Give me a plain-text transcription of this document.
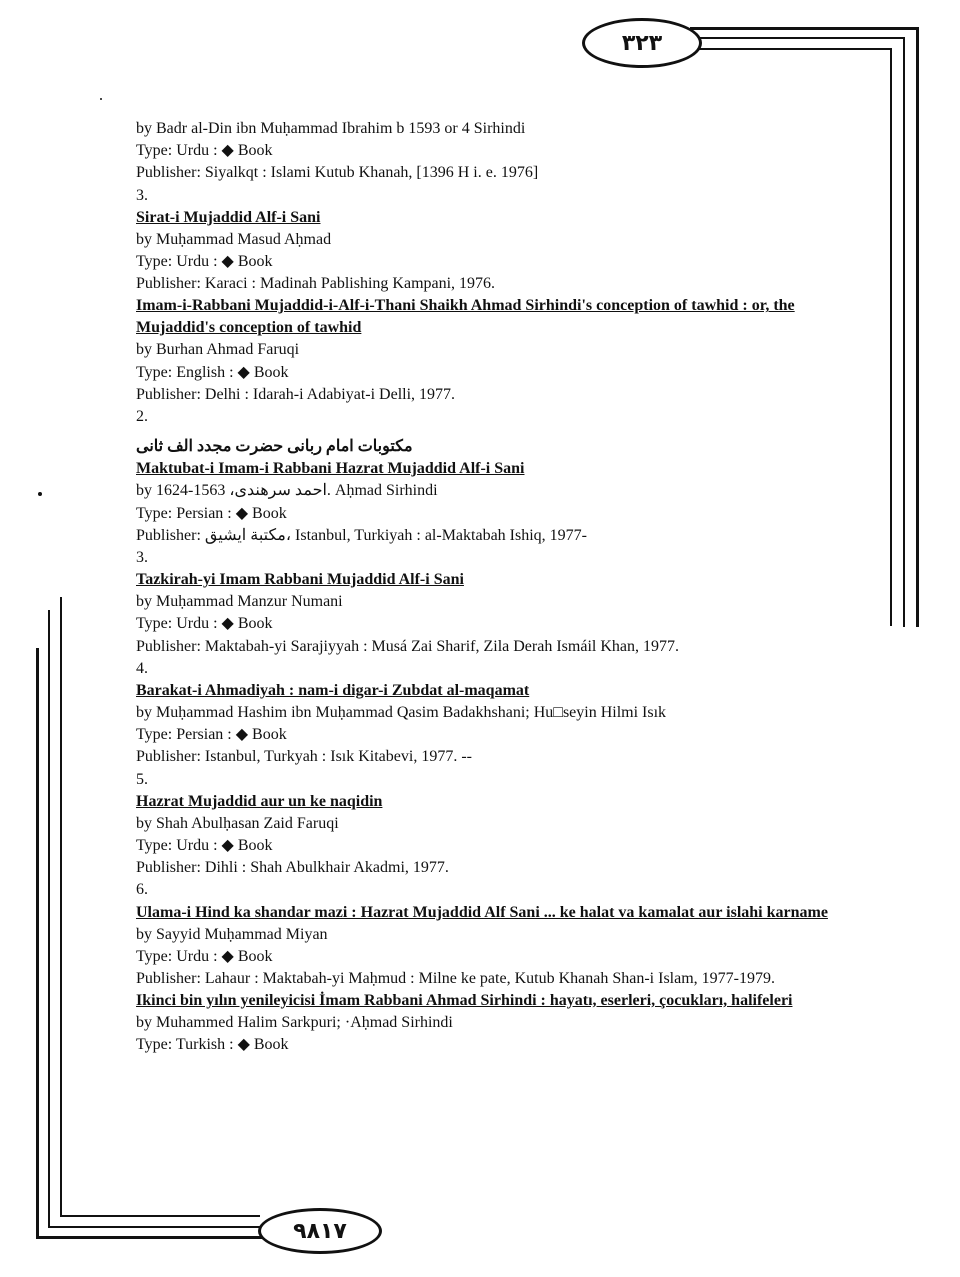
۳۲۳
۹۸۱۷
by Badr al-Din ibn Muḥammad Ibrahim b 1593 or 4 Sirhindi
Type: Urdu : ◆ Book
Publisher: Siyalkqt : Islami Kutub Khanah, [1396 H i. e. 1976]
3.
Sirat-i Mujaddid Alf-i Sani
by Muḥammad Masud Aḥmad
Type: Urdu : ◆ Book
Publisher: Karaci : Madinah Pablishing Kampani, 1976.
Imam-i-Rabbani Mujaddid-i-Alf-i-Thani Shaikh Ahmad Sirhindi's conception of tawhid : or, the Mujaddid's conception of tawhid
by Burhan Ahmad Faruqi
Type: English : ◆ Book
Publisher: Delhi : Idarah-i Adabiyat-i Delli, 1977.
2.
مکتوبات امام ربانی حضرت مجدد الف ثانی
Maktubat-i Imam-i Rabbani Hazrat Mujaddid Alf-i Sani
by احمد سرهندی، 1563-1624. Aḥmad Sirhindi
Type: Persian : ◆ Book
Publisher: مكتبة ايشيق، Istanbul, Turkiyah : al-Maktabah Ishiq, 1977-
3.
Tazkirah-yi Imam Rabbani Mujaddid Alf-i Sani
by Muḥammad Manzur Numani
Type: Urdu : ◆ Book
Publisher: Maktabah-yi Sarajiyyah : Musá Zai Sharif, Zila Derah Ismáil Khan, 1977.
4.
Barakat-i Ahmadiyah : nam-i digar-i Zubdat al-maqamat
by Muḥammad Hashim ibn Muḥammad Qasim Badakhshani; Hu□seyin Hilmi Isık
Type: Persian : ◆ Book
Publisher: Istanbul, Turkyah : Isık Kitabevi, 1977. --
5.
Hazrat Mujaddid aur un ke naqidin
by Shah Abulḥasan Zaid Faruqi
Type: Urdu : ◆ Book
Publisher: Dihli : Shah Abulkhair Akadmi, 1977.
6.
Ulama-i Hind ka shandar mazi : Hazrat Mujaddid Alf Sani ... ke halat va kamalat aur islahi karname
by Sayyid Muḥammad Miyan
Type: Urdu : ◆ Book
Publisher: Lahaur : Maktabah-yi Maḥmud : Milne ke pate, Kutub Khanah Shan-i Islam, 1977-1979.
Ikinci bin yılın yenileyicisi İmam Rabbani Ahmad Sirhindi : hayatı, eserleri, çocukları, halifeleri
by Muhammed Halim Sarkpuri; ·Aḥmad Sirhindi
Type: Turkish : ◆ Book
